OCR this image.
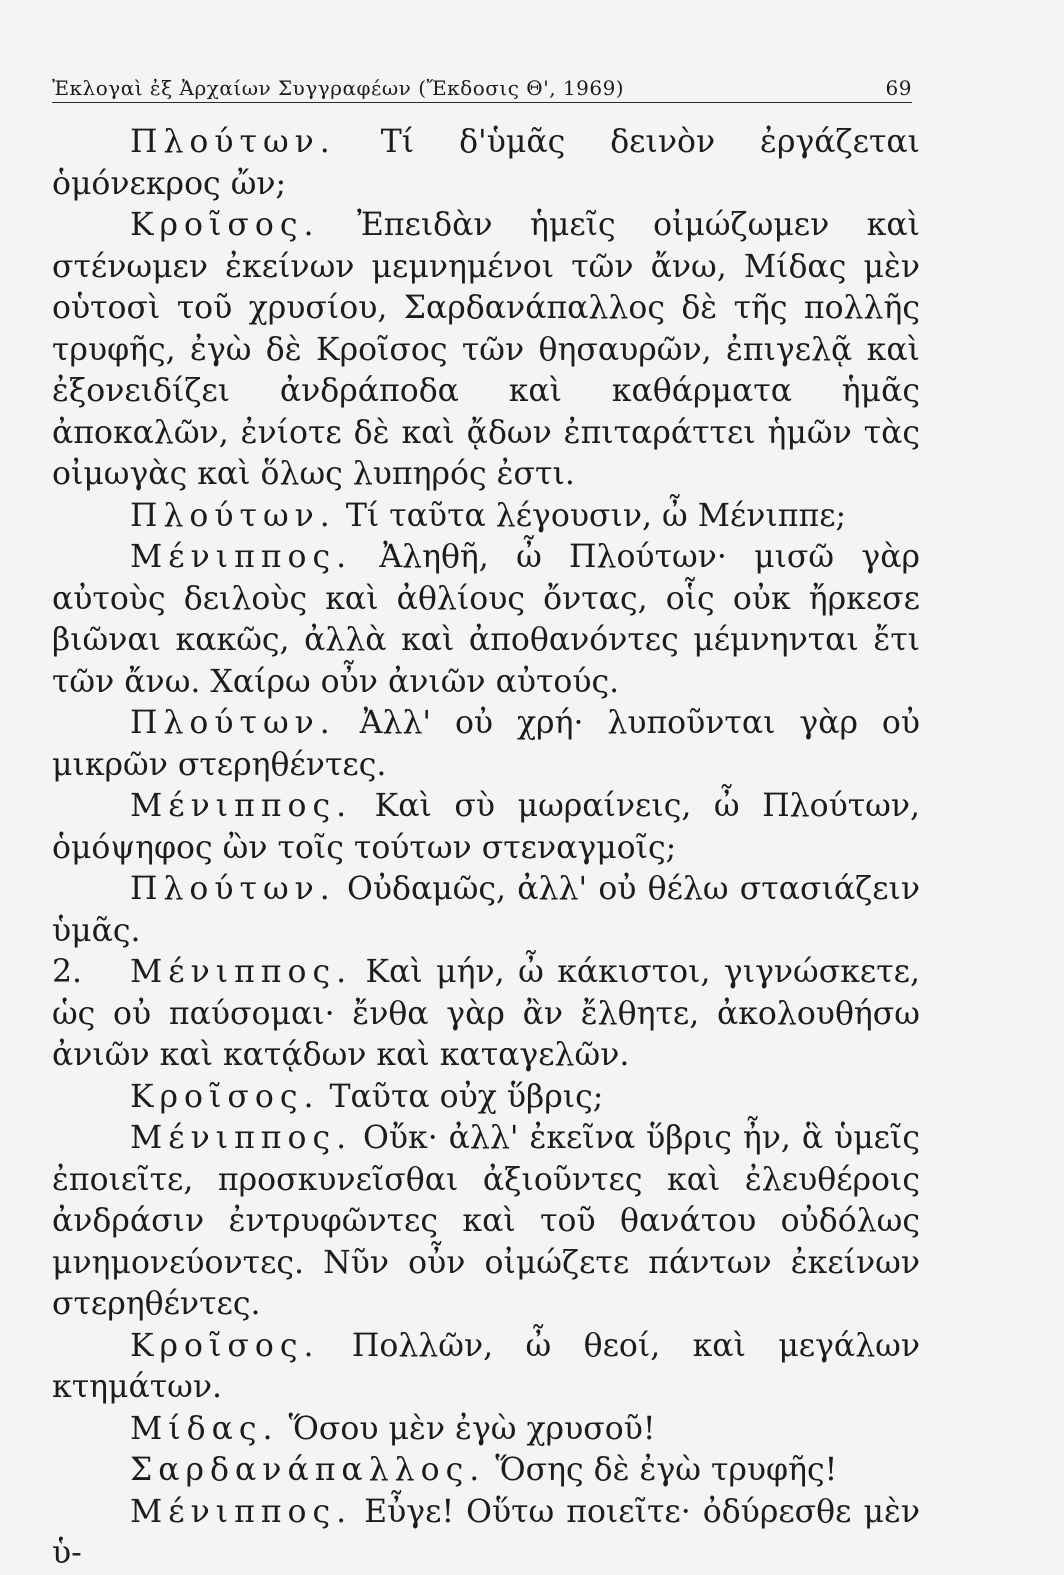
Ἐκλογαὶ ἐξ Ἀρχαίων Συγγραφέων (Ἔκδοσις Θ', 1969)	69

Πλούτων. Τί δ'ὑμᾶς δεινὸν ἐργάζεται ὁμόνεκρος ὤν;

Κροῖσος. Ἐπειδὰν ἡμεῖς οἰμώζωμεν καὶ στένωμεν ἐκείνων μεμνημένοι τῶν ἄνω, Μίδας μὲν οὑτοσὶ τοῦ χρυσίου, Σαρδανάπαλλος δὲ τῆς πολλῆς τρυφῆς, ἐγὼ δὲ Κροῖσος τῶν θησαυρῶν, ἐπιγελᾷ καὶ ἐξονειδίζει ἀνδράποδα καὶ καθάρματα ἡμᾶς ἀποκαλῶν, ἐνίοτε δὲ καὶ ᾄδων ἐπιταράττει ἡμῶν τὰς οἰμωγὰς καὶ ὅλως λυπηρός ἐστι.

Πλούτων. Τί ταῦτα λέγουσιν, ὦ Μένιππε;

Μένιππος. Ἀληθῆ, ὦ Πλούτων· μισῶ γὰρ αὐτοὺς δειλοὺς καὶ ἀθλίους ὄντας, οἷς οὐκ ἤρκεσε βιῶναι κακῶς, ἀλλὰ καὶ ἀποθανόντες μέμνηνται ἔτι τῶν ἄνω. Χαίρω οὖν ἀνιῶν αὐτούς.

Πλούτων. Ἀλλ' οὐ χρή· λυποῦνται γὰρ οὐ μικρῶν στερηθέντες.

Μένιππος. Καὶ σὺ μωραίνεις, ὦ Πλούτων, ὁμόψηφος ὢν τοῖς τούτων στεναγμοῖς;

Πλούτων. Οὐδαμῶς, ἀλλ' οὐ θέλω στασιάζειν ὑμᾶς.

2. Μένιππος. Καὶ μήν, ὦ κάκιστοι, γιγνώσκετε, ὡς οὐ παύσομαι· ἔνθα γὰρ ἂν ἔλθητε, ἀκολουθήσω ἀνιῶν καὶ κατᾴδων καὶ καταγελῶν.

Κροῖσος. Ταῦτα οὐχ ὕβρις;

Μένιππος. Οὔκ· ἀλλ' ἐκεῖνα ὕβρις ἦν, ἃ ὑμεῖς ἐποιεῖτε, προσκυνεῖσθαι ἀξιοῦντες καὶ ἐλευθέροις ἀνδράσιν ἐντρυφῶντες καὶ τοῦ θανάτου οὐδόλως μνημονεύοντες. Νῦν οὖν οἰμώζετε πάντων ἐκείνων στερηθέντες.

Κροῖσος. Πολλῶν, ὦ θεοί, καὶ μεγάλων κτημάτων.

Μίδας. Ὅσου μὲν ἐγὼ χρυσοῦ!

Σαρδανάπαλλος. Ὅσης δὲ ἐγὼ τρυφῆς!

Μένιππος. Εὖγε! Οὕτω ποιεῖτε· ὀδύρεσθε μὲν ὑ-
